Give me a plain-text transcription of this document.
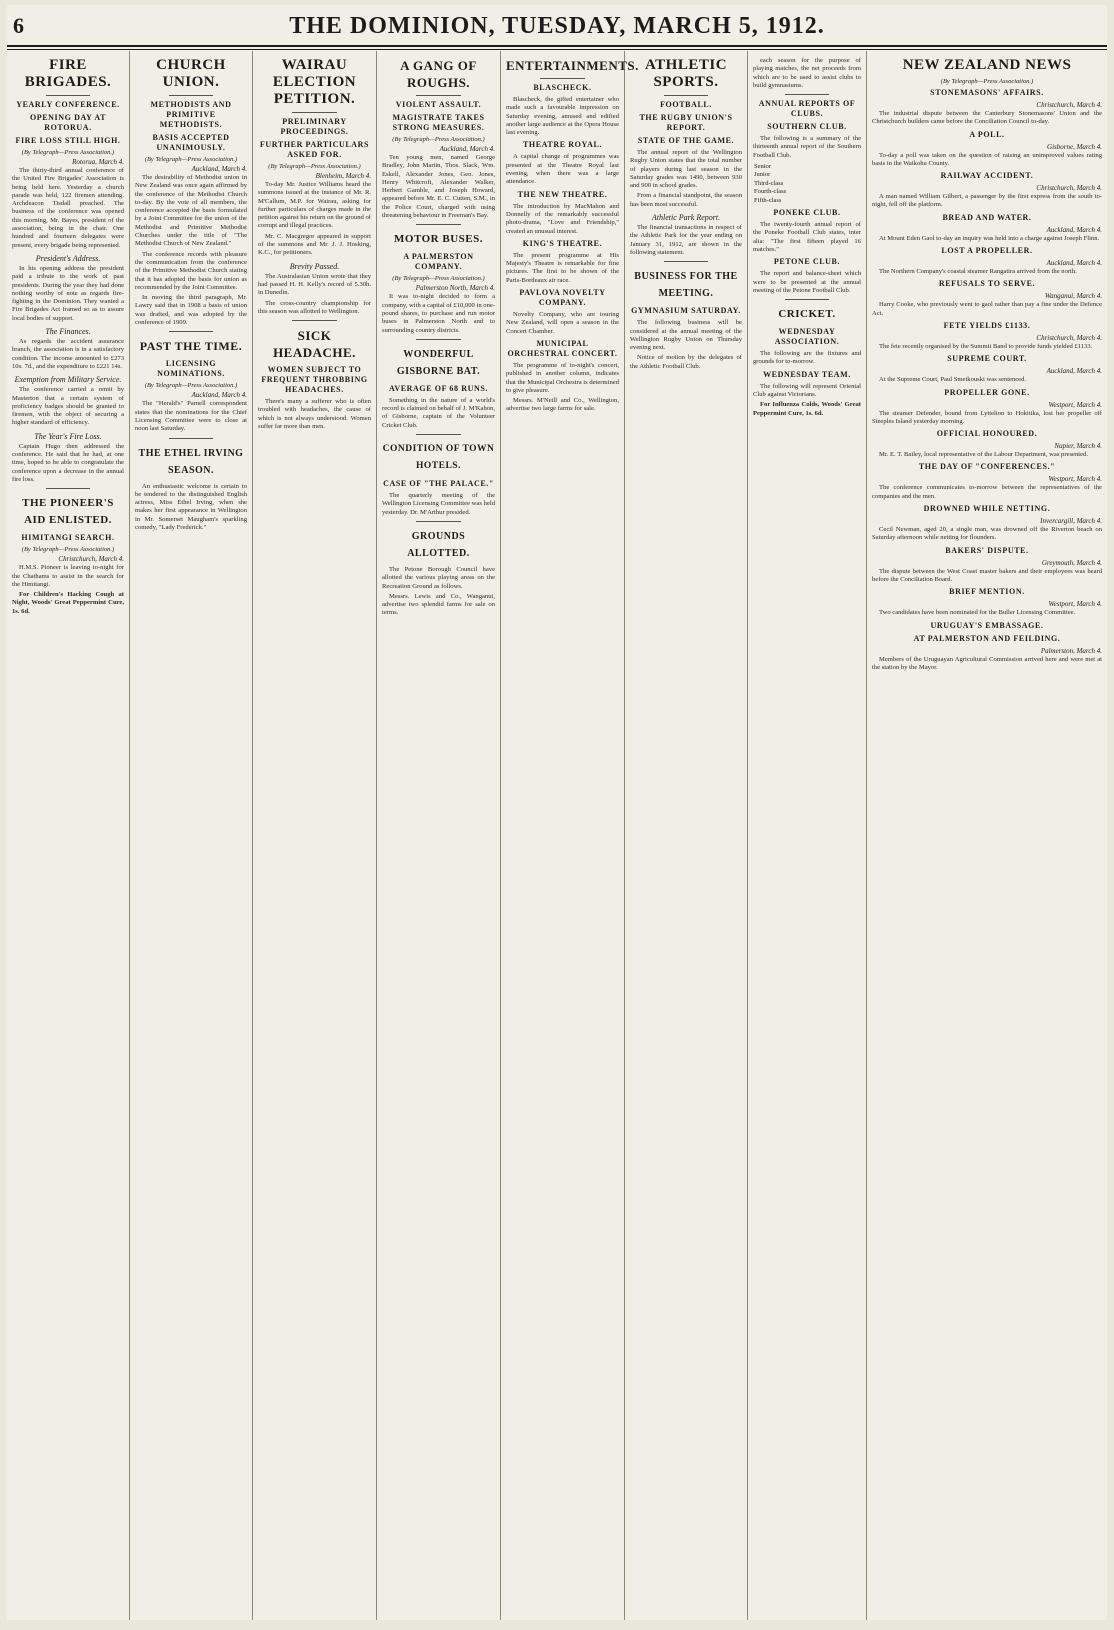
6	THE DOMINION, TUESDAY, MARCH 5, 1912.
FIRE BRIGADES.
YEARLY CONFERENCE.
OPENING DAY AT ROTORUA.
FIRE LOSS STILL HIGH.
(By Telegraph—Press Association.)
Rotorua, March 4.

The thirty-third annual conference of the United Fire Brigades' Association is being held here. Yesterday a church parade was held, 122 firemen attending. Archdeacon Tisdall preached. The business of the conference was opened this morning, Mr. Bayes, president of the association, being in the chair. One hundred and fourteen delegates were present, every brigade being represented.

President's Address.

In his opening address the president paid a tribute to the work of past presidents. During the year they had done nothing worthy of note as regards fire-fighting in the Dominion. They wanted a Fire Brigades Act framed so as to assure local bodies of support.

The Finances.

As regards the accident assurance branch, the association is in a satisfactory condition. The income amounted to £273 10s. 7d., and the expenditure to £221 14s.

Exemption from Military Service.

The conference carried a remit by Masterton that a certain system of proficiency badges should be granted to firemen, with the object of securing a higher standard of efficiency.

The Year's Fire Loss.

Captain Hugo then addressed the conference. He said that he had, at one time, hoped to be able to congratulate the conference upon a decrease in the annual fire loss.

THE PIONEER'S AID ENLISTED.
HIMITANGI SEARCH.
(By Telegraph—Press Association.)
Christchurch, March 4.

H.M.S. Pioneer is leaving to-night for the Chathams to assist in the search for the Himitangi.

For Children's Hacking Cough at Night, Woods' Great Peppermint Cure, 1s. 6d.

CHURCH UNION.
METHODISTS AND PRIMITIVE METHODISTS.
BASIS ACCEPTED UNANIMOUSLY.
(By Telegraph—Press Association.)
Auckland, March 4.

The desirability of Methodist union in New Zealand was once again affirmed by the conference of the Methodist Church to-day. By the vote of all members, the conference accepted the basis formulated by a Joint Committee for the union of the Methodist and Primitive Methodist Churches under the title of "The Methodist Church of New Zealand."

The conference records with pleasure the communication from the conference of the Primitive Methodist Church stating that it has adopted the basis for union as recommended by the Joint Committee.

In moving the third paragraph, Mr. Lawry said that in 1908 a basis of union was drafted, and was adopted by the conference of 1909.

PAST THE TIME.
LICENSING NOMINATIONS.
(By Telegraph—Press Association.)
Auckland, March 4.

The "Herald's" Parnell correspondent states that the nominations for the Chief Licensing Committee were to close at noon last Saturday.

THE ETHEL IRVING SEASON.

An enthusiastic welcome is certain to be tendered to the distinguished English actress, Miss Ethel Irving, when she makes her first appearance in Wellington in Mr. Somerset Maugham's sparkling comedy, "Lady Frederick."

WAIRAU ELECTION PETITION.
PRELIMINARY PROCEEDINGS.
FURTHER PARTICULARS ASKED FOR.
(By Telegraph—Press Association.)
Blenheim, March 4.

To-day Mr. Justice Williams heard the summons issued at the instance of Mr. R. M'Callum, M.P. for Wairau, asking for further particulars of charges made in the petition against his return on the ground of corrupt and illegal practices.

Mr. C. Macgregor appeared in support of the summons and Mr. J. J. Hosking, K.C., for petitioners.

Brevity Passed.

The Australasian Union wrote that they had passed H. H. Kelly's record of 5.30h. in Dunedin.

The cross-country championship for this season was allotted to Wellington.

SICK HEADACHE.
WOMEN SUBJECT TO FREQUENT THROBBING HEADACHES.

There's many a sufferer who is often troubled with headaches, the cause of which is not always understood. Women suffer far more than men.

A GANG OF ROUGHS.
VIOLENT ASSAULT.
MAGISTRATE TAKES STRONG MEASURES.
(By Telegraph—Press Association.)
Auckland, March 4.

Ten young men, named George Bradley, John Martin, Thos. Slack, Wm. Eskell, Alexander Jones, Geo. Jones, Henry Whitcroft, Alexander Walker, Herbert Gamble, and Joseph Howard, appeared before Mr. E. C. Cutten, S.M., in the Police Court, charged with using threatening behaviour in Freeman's Bay.

MOTOR BUSES.
A PALMERSTON COMPANY.
(By Telegraph—Press Association.)
Palmerston North, March 4.

It was to-night decided to form a company, with a capital of £10,000 in one-pound shares, to purchase and run motor buses in Palmerston North and to surrounding country districts.

WONDERFUL GISBORNE BAT.
AVERAGE OF 68 RUNS.

Something in the nature of a world's record is claimed on behalf of J. M'Kahon, of Gisborne, captain of the Volunteer Cricket Club.

CONDITION OF TOWN HOTELS.
CASE OF "THE PALACE."

The quarterly meeting of the Wellington Licensing Committee was held yesterday. Dr. M'Arthur presided.

GROUNDS ALLOTTED.

The Petone Borough Council have allotted the various playing areas on the Recreation Ground as follows.

Messrs. Lewis and Co., Wanganui, advertise two splendid farms for sale on terms.

ENTERTAINMENTS.
BLASCHECK.

Blascheck, the gifted entertainer who made such a favourable impression on Saturday evening, amused and edified another large audience at the Opera House last evening.

THEATRE ROYAL.

A capital change of programmes was presented at the Theatre Royal last evening, when there was a large attendance.

THE NEW THEATRE.

The introduction by MacMahon and Donnelly of the remarkably successful photo-drama, "Love and Friendship," created an unusual interest.

KING'S THEATRE.

The present programme at His Majesty's Theatre is remarkable for fine pictures. The first to be shown of the Paris-Bordeaux air race.

PAVLOVA NOVELTY COMPANY.

Novelty Company, who are touring New Zealand, will open a season in the Concert Chamber.

MUNICIPAL ORCHESTRAL CONCERT.

The programme of to-night's concert, published in another column, indicates that the Municipal Orchestra is determined to give pleasure.

Messrs. M'Neill and Co., Wellington, advertise two large farms for sale.

ATHLETIC SPORTS.
FOOTBALL.
THE RUGBY UNION'S REPORT.
STATE OF THE GAME.

The annual report of the Wellington Rugby Union states that the total number of players during last season in the Saturday grades was 1490, between 930 and 900 in school grades.

From a financial standpoint, the season has been most successful.

Athletic Park Report.

The financial transactions in respect of the Athletic Park for the year ending on January 31, 1912, are shown in the following statement.

BUSINESS FOR THE MEETING.
GYMNASIUM SATURDAY.

The following business will be considered at the annual meeting of the Wellington Rugby Union on Thursday evening next.

Notice of motion by the delegates of the Athletic Football Club.

each season for the purpose of playing matches, the net proceeds from which are to be used to assist clubs to build gymnasiums.

ANNUAL REPORTS OF CLUBS.
SOUTHERN CLUB.

The following is a summary of the thirteenth annual report of the Southern Football Club.

Senior
Junior
Third-class
Fourth-class
Fifth-class
PONEKE CLUB.

The twenty-fourth annual report of the Poneke Football Club states, inter alia: "The first fifteen played 16 matches."

PETONE CLUB.

The report and balance-sheet which were to be presented at the annual meeting of the Petone Football Club.

CRICKET.
WEDNESDAY ASSOCIATION.

The following are the fixtures and grounds for to-morrow.

WEDNESDAY TEAM.

The following will represent Oriental Club against Victorians.

For Influenza Colds, Woods' Great Peppermint Cure, 1s. 6d.

NEW ZEALAND NEWS
(By Telegraph—Press Association.)
STONEMASONS' AFFAIRS.
Christchurch, March 4.

The industrial dispute between the Canterbury Stonemasons' Union and the Christchurch builders came before the Conciliation Council to-day.

A POLL.
Gisborne, March 4.

To-day a poll was taken on the question of raising an unimproved values rating basis in the Waikohu County.

RAILWAY ACCIDENT.
Christchurch, March 4.

A man named William Gilbert, a passenger by the first express from the south to-night, fell off the platform.

BREAD AND WATER.
Auckland, March 4.

At Mount Eden Gaol to-day an inquiry was held into a charge against Joseph Flinn.

LOST A PROPELLER.
Auckland, March 4.

The Northern Company's coastal steamer Rangatira arrived from the north.

REFUSALS TO SERVE.
Wanganui, March 4.

Harry Cooke, who previously went to gaol rather than pay a fine under the Defence Act.

FETE YIELDS £1133.
Christchurch, March 4.

The fete recently organised by the Summit Band to provide funds yielded £1133.

SUPREME COURT.
Auckland, March 4.

At the Supreme Court, Paul Smetkouski was sentenced.

PROPELLER GONE.
Westport, March 4.

The steamer Defender, bound from Lyttelton to Hokitika, lost her propeller off Steeples Island yesterday morning.

OFFICIAL HONOURED.
Napier, March 4.

Mr. E. T. Bailey, local representative of the Labour Department, was presented.

THE DAY OF "CONFERENCES."
Westport, March 4.

The conference communicates to-morrow between the representatives of the companies and the men.

DROWNED WHILE NETTING.
Invercargill, March 4.

Cecil Newman, aged 20, a single man, was drowned off the Riverton beach on Saturday afternoon while netting for flounders.

BAKERS' DISPUTE.
Greymouth, March 4.

The dispute between the West Coast master bakers and their employees was heard before the Conciliation Board.

BRIEF MENTION.
Westport, March 4.

Two candidates have been nominated for the Buller Licensing Committee.

URUGUAY'S EMBASSAGE.
AT PALMERSTON AND FEILDING.
Palmerston, March 4.

Members of the Uruguayan Agricultural Commission arrived here and were met at the station by the Mayor.
